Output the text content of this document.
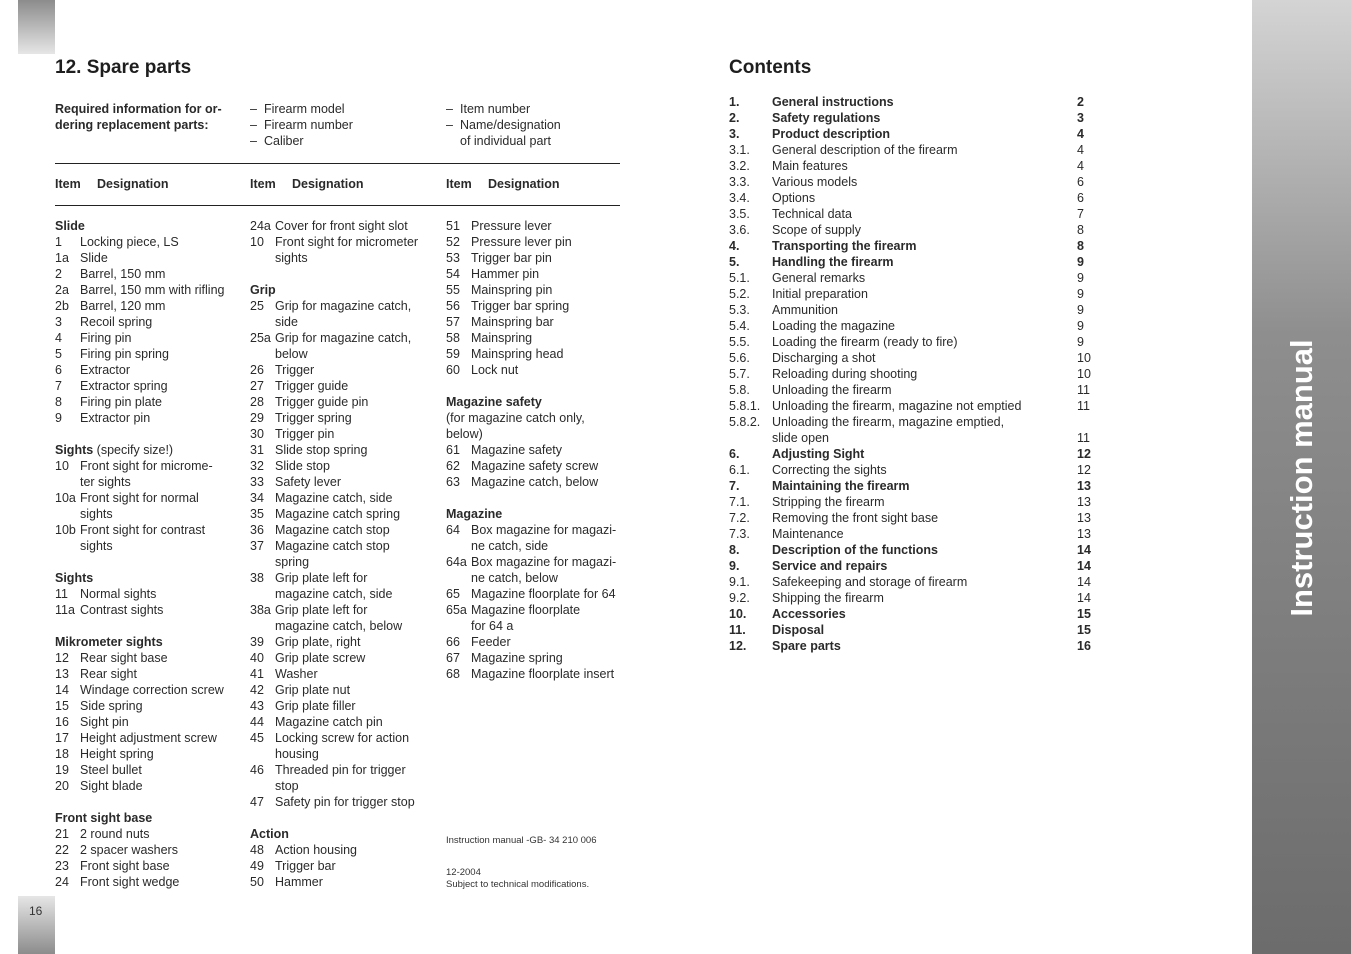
16
Instruction manual
12. Spare parts
Required information for or-dering replacement parts:
– Firearm model
– Firearm number
– Caliber
– Item number
– Name/designation
of individual part
Item	Designation	Item	Designation	Item	Designation
Slide
1	Locking piece, LS
1a Slide
2	Barrel, 150 mm
2a Barrel, 150 mm with rifling
2b Barrel, 120 mm
3	Recoil spring
4	Firing pin
5	Firing pin spring
6	Extractor
7	Extractor spring
8	Firing pin plate
9	Extractor pin
Sights (specify size!)
10 Front sight for microme-
ter sights
10a Front sight for normal
sights
10b Front sight for contrast
sights
Sights
11 Normal sights
11a Contrast sights
Mikrometer sights
12 Rear sight base
13 Rear sight
14 Windage correction screw
15 Side spring
16 Sight pin
17 Height adjustment screw
18 Height spring
19 Steel bullet
20 Sight blade
Front sight base
21 2 round nuts
22 2 spacer washers
23 Front sight base
24 Front sight wedge
24a Cover for front sight slot
10 Front sight for micrometer
sights
Grip
25 Grip for magazine catch,
side
25a Grip for magazine catch,
below
26 Trigger
27 Trigger guide
28 Trigger guide pin
29 Trigger spring
30 Trigger pin
31 Slide stop spring
32 Slide stop
33 Safety lever
34 Magazine catch, side
35 Magazine catch spring
36 Magazine catch stop
37 Magazine catch stop
spring
38 Grip plate left for
magazine catch, side
38a Grip plate left for
magazine catch, below
39 Grip plate, right
40 Grip plate screw
41 Washer
42 Grip plate nut
43 Grip plate filler
44 Magazine catch pin
45 Locking screw for action
housing
46 Threaded pin for trigger
stop
47 Safety pin for trigger stop
Action
48 Action housing
49 Trigger bar
50 Hammer
51 Pressure lever
52 Pressure lever pin
53 Trigger bar pin
54 Hammer pin
55 Mainspring pin
56 Trigger bar spring
57 Mainspring bar
58 Mainspring
59 Mainspring head
60 Lock nut
Magazine safety
(for magazine catch only,
below)
61 Magazine safety
62 Magazine safety screw
63 Magazine catch, below
Magazine
64 Box magazine for magazi-
ne catch, side
64a Box magazine for magazi-
ne catch, below
65 Magazine floorplate for 64
65a Magazine floorplate
for 64 a
66 Feeder
67 Magazine spring
68 Magazine floorplate insert
Instruction manual -GB- 34 210 006
12-2004
Subject to technical modifications.
Contents
1.	General instructions	2
2.	Safety regulations	3
3.	Product description	4
3.1.	General description of the firearm	4
3.2.	Main features	4
3.3.	Various models	6
3.4.	Options	6
3.5.	Technical data	7
3.6.	Scope of supply	8
4.	Transporting the firearm	8
5.	Handling the firearm	9
5.1.	General remarks	9
5.2.	Initial preparation	9
5.3.	Ammunition	9
5.4.	Loading the magazine	9
5.5.	Loading the firearm (ready to fire)	9
5.6.	Discharging a shot	10
5.7.	Reloading during shooting	10
5.8.	Unloading the firearm	11
5.8.1. Unloading the firearm, magazine not emptied	11
5.8.2. Unloading the firearm, magazine emptied,
slide open	11
6.	Adjusting Sight	12
6.1.	Correcting the sights	12
7.	Maintaining the firearm	13
7.1.	Stripping the firearm	13
7.2.	Removing the front sight base	13
7.3.	Maintenance	13
8.	Description of the functions	14
9.	Service and repairs	14
9.1.	Safekeeping and storage of firearm	14
9.2.	Shipping the firearm	14
10.	Accessories	15
11.	Disposal	15
12.	Spare parts	16
